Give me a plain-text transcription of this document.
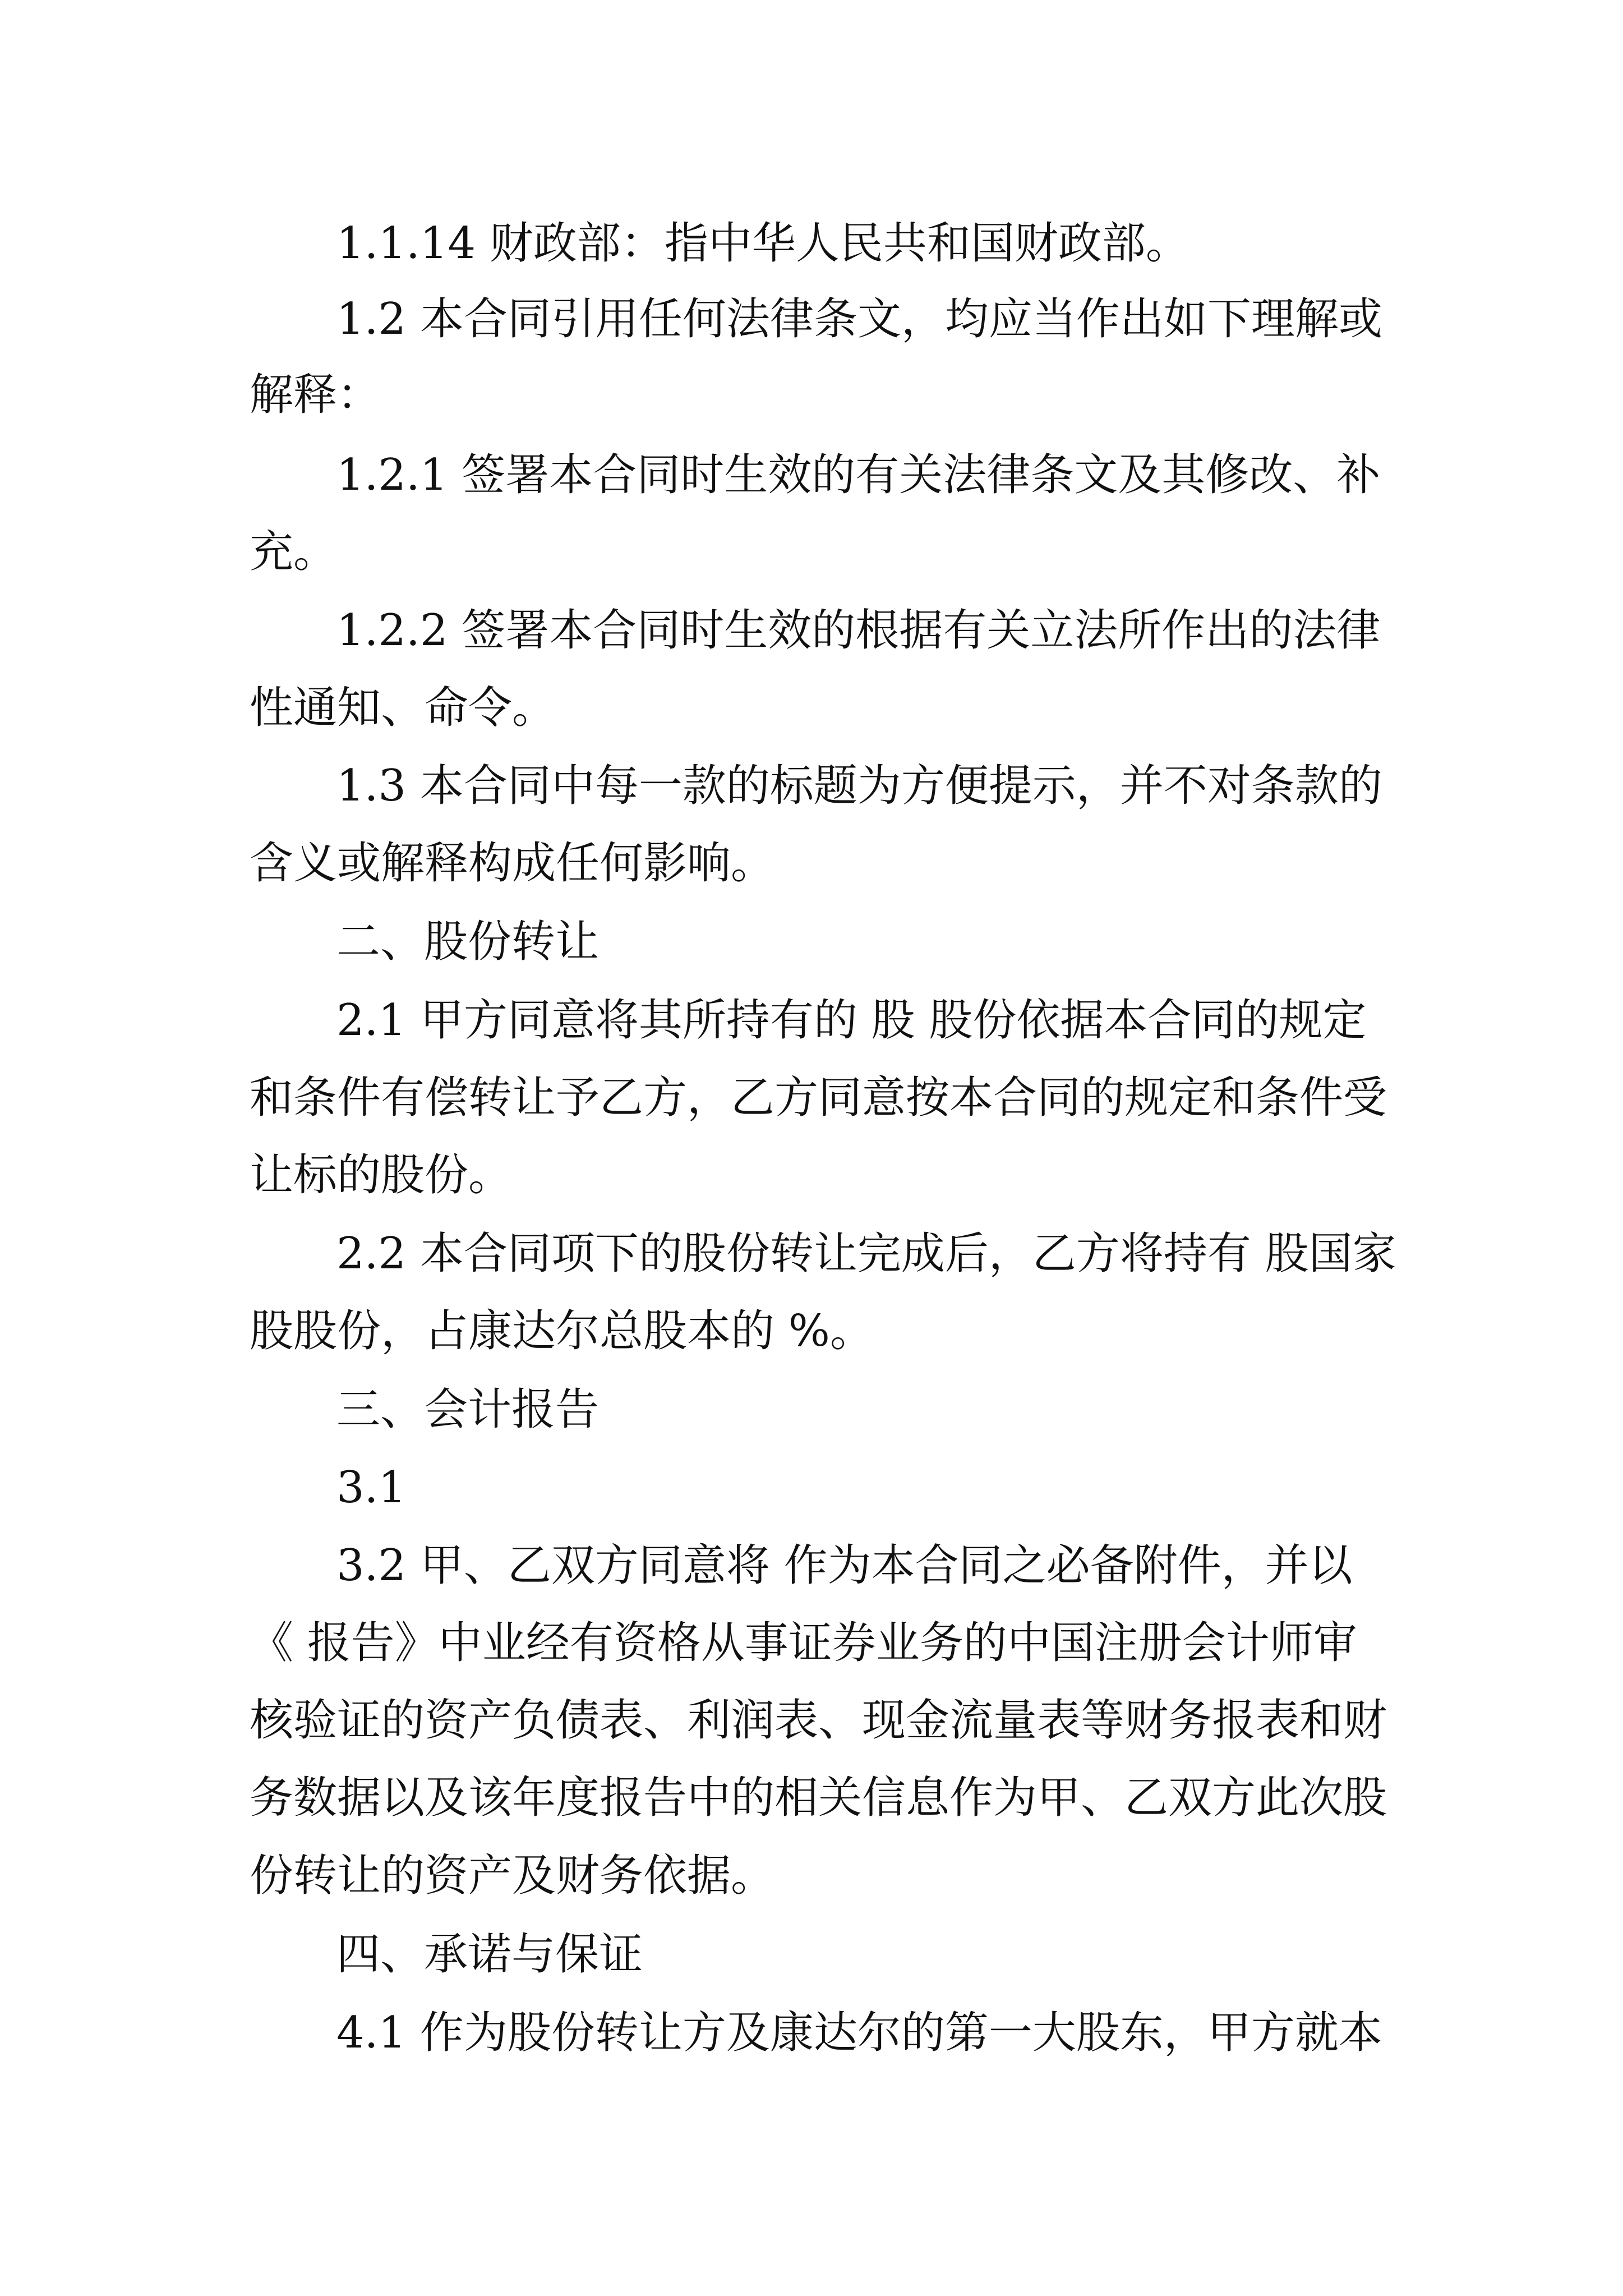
1.1.14 财政部：指中华人民共和国财政部。
1.2 本合同引用任何法律条文，均应当作出如下理解或
解释：
1.2.1 签署本合同时生效的有关法律条文及其修改、补
充。
1.2.2 签署本合同时生效的根据有关立法所作出的法律
性通知、命令。
1.3 本合同中每一款的标题为方便提示，并不对条款的
含义或解释构成任何影响。
二、股份转让
2.1 甲方同意将其所持有的 股 股份依据本合同的规定
和条件有偿转让予乙方，乙方同意按本合同的规定和条件受
让标的股份。
2.2 本合同项下的股份转让完成后，乙方将持有 股国家
股股份，占康达尔总股本的 %。
三、会计报告
3.1
3.2 甲、乙双方同意将 作为本合同之必备附件，并以
《 报告》中业经有资格从事证券业务的中国注册会计师审
核验证的资产负债表、利润表、现金流量表等财务报表和财
务数据以及该年度报告中的相关信息作为甲、乙双方此次股
份转让的资产及财务依据。
四、承诺与保证
4.1 作为股份转让方及康达尔的第一大股东，甲方就本
